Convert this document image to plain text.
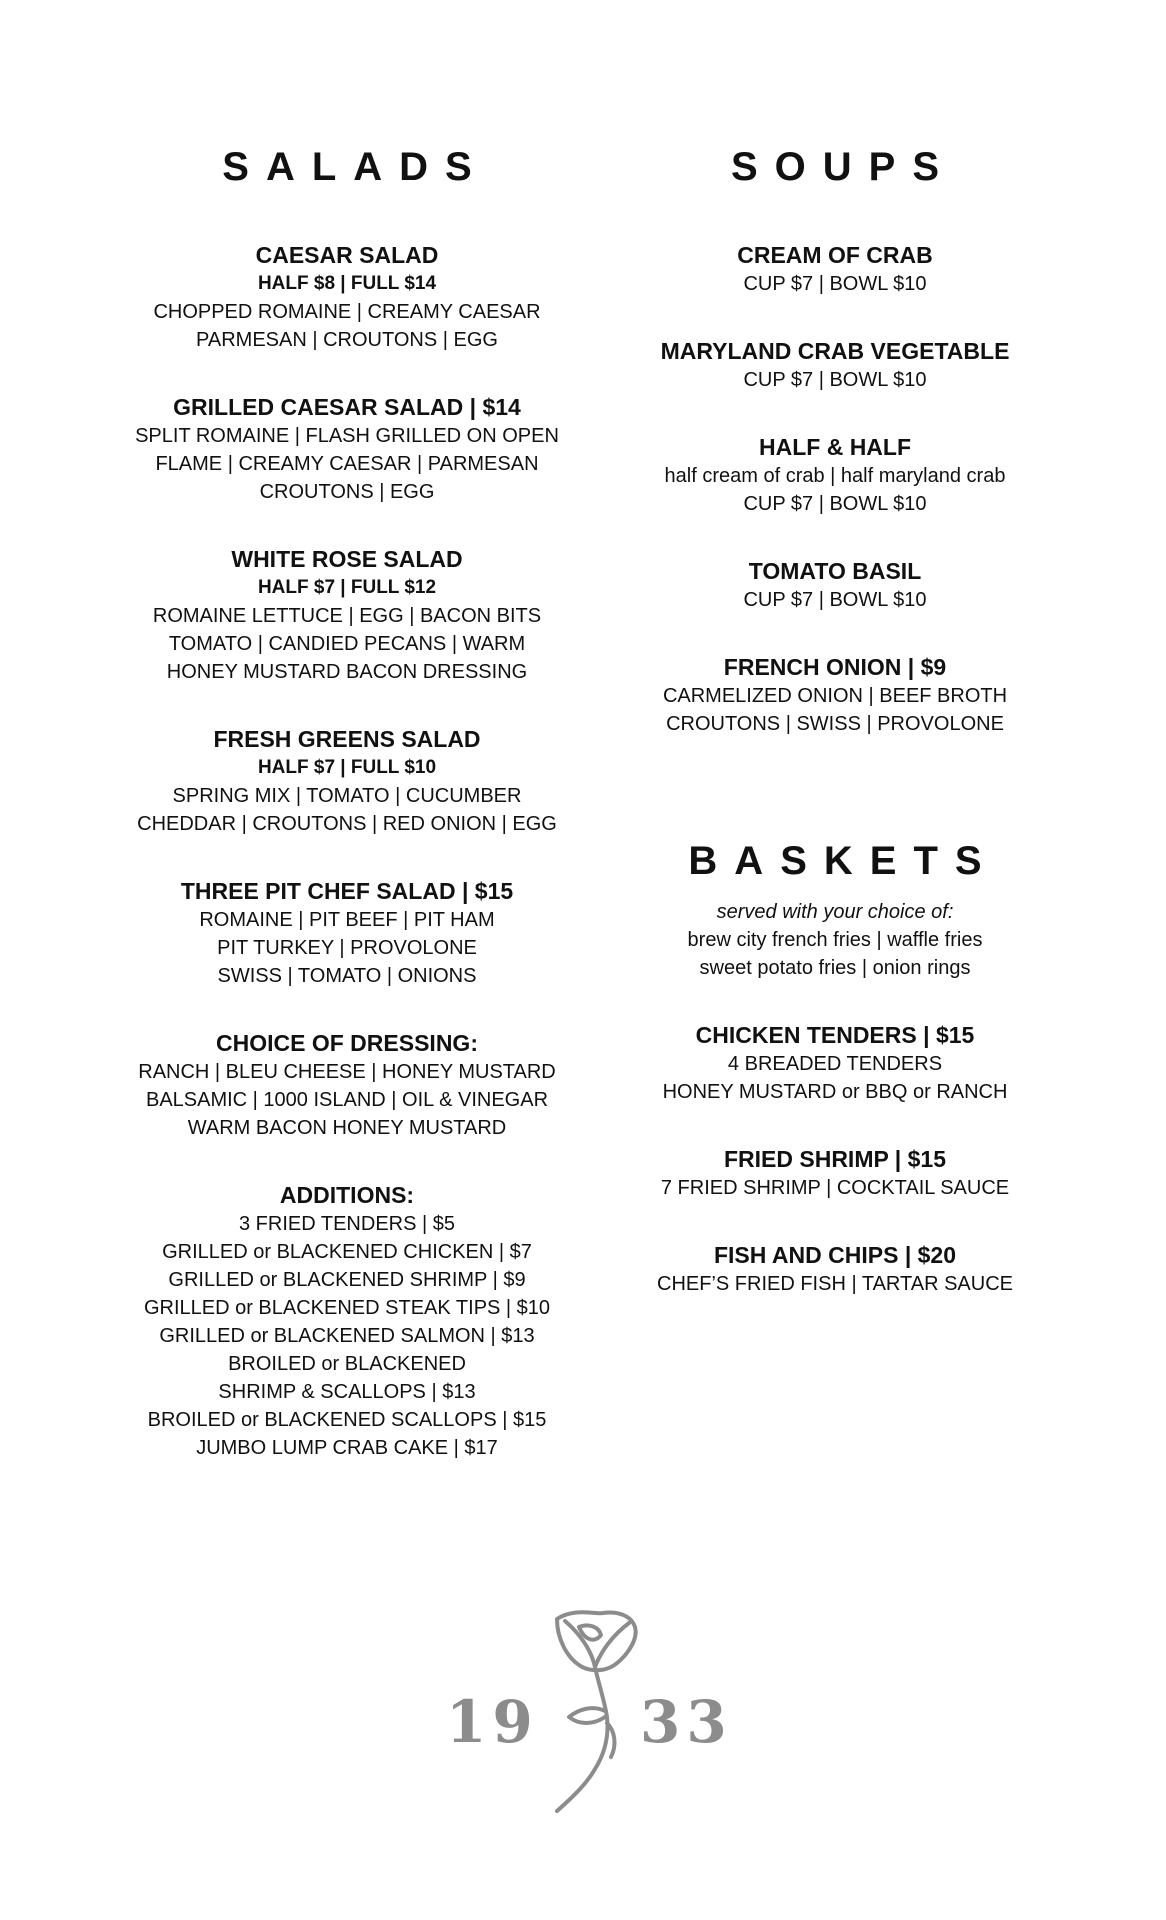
SALADS
CAESAR SALAD
HALF $8 | FULL $14
CHOPPED ROMAINE | CREAMY CAESAR
PARMESAN | CROUTONS | EGG
GRILLED CAESAR SALAD | $14
SPLIT ROMAINE | FLASH GRILLED ON OPEN
FLAME | CREAMY CAESAR | PARMESAN
CROUTONS | EGG
WHITE ROSE SALAD
HALF $7 | FULL $12
ROMAINE LETTUCE | EGG | BACON BITS
TOMATO | CANDIED PECANS | WARM
HONEY MUSTARD BACON DRESSING
FRESH GREENS SALAD
HALF $7 | FULL $10
SPRING MIX | TOMATO | CUCUMBER
CHEDDAR | CROUTONS | RED ONION | EGG
THREE PIT CHEF SALAD | $15
ROMAINE | PIT BEEF | PIT HAM
PIT TURKEY | PROVOLONE
SWISS | TOMATO | ONIONS
CHOICE OF DRESSING:
RANCH | BLEU CHEESE | HONEY MUSTARD
BALSAMIC | 1000 ISLAND | OIL & VINEGAR
WARM BACON HONEY MUSTARD
ADDITIONS:
3 FRIED TENDERS | $5
GRILLED or BLACKENED CHICKEN | $7
GRILLED or BLACKENED SHRIMP | $9
GRILLED or BLACKENED STEAK TIPS | $10
GRILLED or BLACKENED SALMON | $13
BROILED or BLACKENED
SHRIMP & SCALLOPS | $13
BROILED or BLACKENED SCALLOPS | $15
JUMBO LUMP CRAB CAKE | $17
SOUPS
CREAM OF CRAB
CUP $7 | BOWL $10
MARYLAND CRAB VEGETABLE
CUP $7 | BOWL $10
HALF & HALF
half cream of crab | half maryland crab
CUP $7 | BOWL $10
TOMATO BASIL
CUP $7 | BOWL $10
FRENCH ONION | $9
CARMELIZED ONION | BEEF BROTH
CROUTONS | SWISS | PROVOLONE
BASKETS
served with your choice of:
brew city french fries | waffle fries
sweet potato fries | onion rings
CHICKEN TENDERS | $15
4 BREADED TENDERS
HONEY MUSTARD or BBQ or RANCH
FRIED SHRIMP | $15
7 FRIED SHRIMP | COCKTAIL SAUCE
FISH AND CHIPS | $20
CHEF’S FRIED FISH | TARTAR SAUCE
19 33
